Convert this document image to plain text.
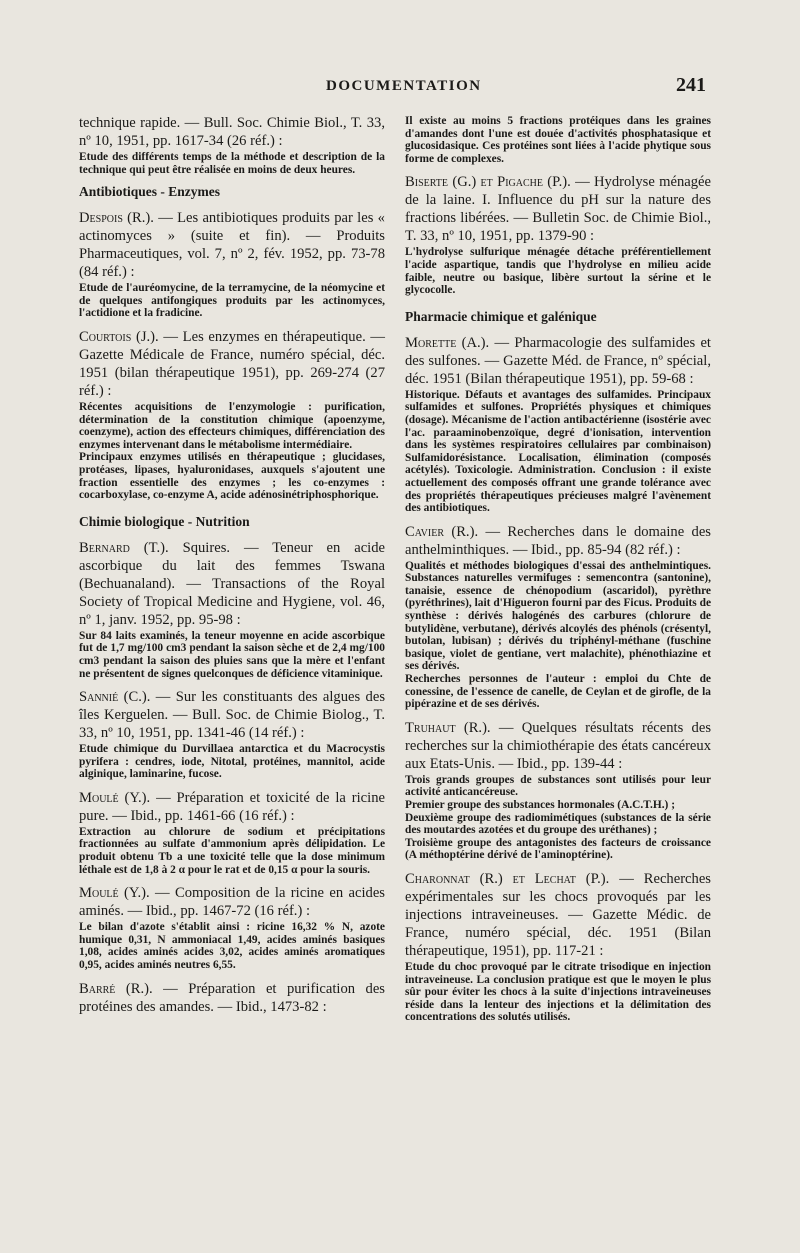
DOCUMENTATION	241

technique rapide. — Bull. Soc. Chimie Biol., T. 33, nº 10, 1951, pp. 1617-34 (26 réf.) :

Etude des différents temps de la méthode et description de la technique qui peut être réalisée en moins de deux heures.

Antibiotiques - Enzymes

Despois (R.). — Les antibiotiques produits par les « actinomyces » (suite et fin). — Produits Pharmaceutiques, vol. 7, nº 2, fév. 1952, pp. 73-78 (84 réf.) :

Etude de l'auréomycine, de la terramycine, de la néomycine et de quelques antifongiques produits par les actinomyces, l'actidione et la fradicine.

Courtois (J.). — Les enzymes en thérapeutique. — Gazette Médicale de France, numéro spécial, déc. 1951 (bilan thérapeutique 1951), pp. 269-274 (27 réf.) :

Récentes acquisitions de l'enzymologie : purification, détermination de la constitution chimique (apoenzyme, coenzyme), action des effecteurs chimiques, différenciation des enzymes intervenant dans le métabolisme intermédiaire.

Principaux enzymes utilisés en thérapeutique ; glucidases, protéases, lipases, hyaluronidases, auxquels s'ajoutent une fraction essentielle des enzymes ; les co-enzymes : cocarboxylase, co-enzyme A, acide adénosinétriphosphorique.

Chimie biologique - Nutrition

Bernard (T.). Squires. — Teneur en acide ascorbique du lait des femmes Tswana (Bechuanaland). — Transactions of the Royal Society of Tropical Medicine and Hygiene, vol. 46, nº 1, janv. 1952, pp. 95-98 :

Sur 84 laits examinés, la teneur moyenne en acide ascorbique fut de 1,7 mg/100 cm3 pendant la saison sèche et de 2,4 mg/100 cm3 pendant la saison des pluies sans que la mère et l'enfant ne présentent de signes quelconques de déficience vitaminique.

Sannié (C.). — Sur les constituants des algues des îles Kerguelen. — Bull. Soc. de Chimie Biolog., T. 33, nº 10, 1951, pp. 1341-46 (14 réf.) :

Etude chimique du Durvillaea antarctica et du Macrocystis pyrifera : cendres, iode, Nitotal, protéines, mannitol, acide alginique, laminarine, fucose.

Moulé (Y.). — Préparation et toxicité de la ricine pure. — Ibid., pp. 1461-66 (16 réf.) :

Extraction au chlorure de sodium et précipitations fractionnées au sulfate d'ammonium après délipidation. Le produit obtenu Tb a une toxicité telle que la dose minimum léthale est de 1,8 à 2 α pour le rat et de 0,15 α pour la souris.

Moulé (Y.). — Composition de la ricine en acides aminés. — Ibid., pp. 1467-72 (16 réf.) :

Le bilan d'azote s'établit ainsi : ricine 16,32 % N, azote humique 0,31, N ammoniacal 1,49, acides aminés basiques 1,08, acides aminés acides 3,02, acides aminés aromatiques 0,95, acides aminés neutres 6,55.

Barré (R.). — Préparation et purification des protéines des amandes. — Ibid., 1473-82 :

Il existe au moins 5 fractions protéiques dans les graines d'amandes dont l'une est douée d'activités phosphatasique et glucosidasique. Ces protéines sont liées à l'acide phytique sous forme de complexes.

Biserte (G.) et Pigache (P.). — Hydrolyse ménagée de la laine. I. Influence du pH sur la nature des fractions libérées. — Bulletin Soc. de Chimie Biol., T. 33, nº 10, 1951, pp. 1379-90 :

L'hydrolyse sulfurique ménagée détache préférentiellement l'acide aspartique, tandis que l'hydrolyse en milieu acide faible, neutre ou basique, libère surtout la sérine et le glycocolle.

Pharmacie chimique et galénique

Morette (A.). — Pharmacologie des sulfamides et des sulfones. — Gazette Méd. de France, nº spécial, déc. 1951 (Bilan thérapeutique 1951), pp. 59-68 :

Historique. Défauts et avantages des sulfamides. Principaux sulfamides et sulfones. Propriétés physiques et chimiques (dosage). Mécanisme de l'action antibactérienne (isostérie avec l'ac. paraaminobenzoïque, degré d'ionisation, intervention dans les systèmes respiratoires cellulaires par combinaison) Sulfamidorésistance. Localisation, élimination (composés acétylés). Toxicologie. Administration. Conclusion : il existe actuellement des composés offrant une grande tolérance avec des propriétés thérapeutiques précieuses malgré l'avènement des antibiotiques.

Cavier (R.). — Recherches dans le domaine des anthelminthiques. — Ibid., pp. 85-94 (82 réf.) :

Qualités et méthodes biologiques d'essai des anthelmintiques. Substances naturelles vermifuges : semencontra (santonine), tanaisie, essence de chénopodium (ascaridol), pyrèthre (pyréthrines), lait d'Higueron fourni par des Ficus. Produits de synthèse : dérivés halogénés des carbures (chlorure de butylidène, verbutane), dérivés alcoylés des phénols (crésentyl, butolan, lubisan) ; dérivés du triphényl-méthane (fuschine basique, violet de gentiane, vert malachite), phénothiazine et ses dérivés.

Recherches personnes de l'auteur : emploi du Chte de conessine, de l'essence de canelle, de Ceylan et de girofle, de la pipérazine et de ses dérivés.

Truhaut (R.). — Quelques résultats récents des recherches sur la chimiothérapie des états cancéreux aux Etats-Unis. — Ibid., pp. 139-44 :

Trois grands groupes de substances sont utilisés pour leur activité anticancéreuse.

Premier groupe des substances hormonales (A.C.T.H.) ;

Deuxième groupe des radiomimétiques (substances de la série des moutardes azotées et du groupe des uréthanes) ;

Troisième groupe des antagonistes des facteurs de croissance (A méthoptérine dérivé de l'aminoptérine).

Charonnat (R.) et Lechat (P.). — Recherches expérimentales sur les chocs provoqués par les injections intraveineuses. — Gazette Médic. de France, numéro spécial, déc. 1951 (Bilan thérapeutique, 1951), pp. 117-21 :

Etude du choc provoqué par le citrate trisodique en injection intraveineuse. La conclusion pratique est que le moyen le plus sûr pour éviter les chocs à la suite d'injections intraveineuses réside dans la lenteur des injections et la délimitation des concentrations des solutés utilisés.
